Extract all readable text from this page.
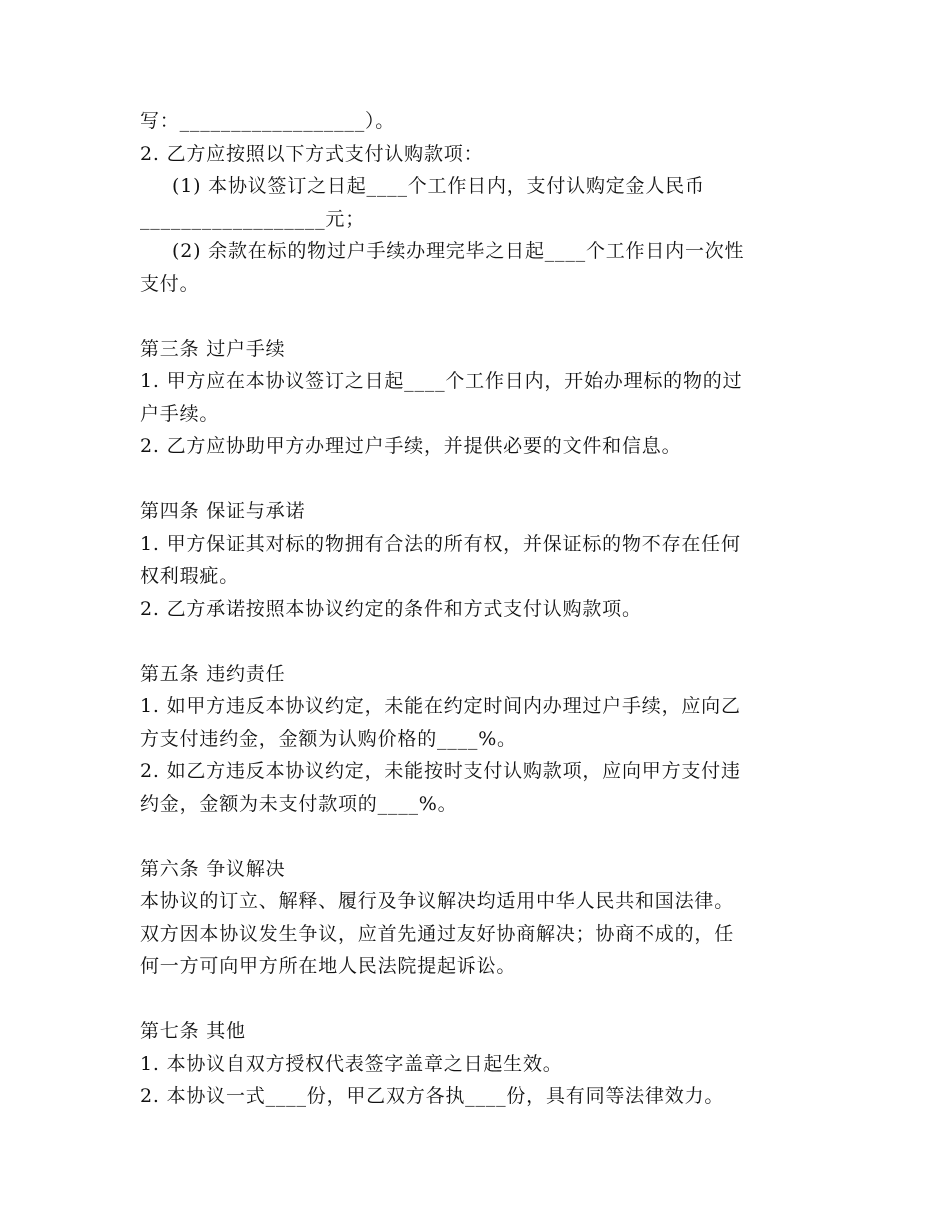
写：__________________）。
2. 乙方应按照以下方式支付认购款项：
(1) 本协议签订之日起____个工作日内，支付认购定金人民币
__________________元；
(2) 余款在标的物过户手续办理完毕之日起____个工作日内一次性
支付。
第三条 过户手续
1. 甲方应在本协议签订之日起____个工作日内，开始办理标的物的过
户手续。
2. 乙方应协助甲方办理过户手续，并提供必要的文件和信息。
第四条 保证与承诺
1. 甲方保证其对标的物拥有合法的所有权，并保证标的物不存在任何
权利瑕疵。
2. 乙方承诺按照本协议约定的条件和方式支付认购款项。
第五条 违约责任
1. 如甲方违反本协议约定，未能在约定时间内办理过户手续，应向乙
方支付违约金，金额为认购价格的____%。
2. 如乙方违反本协议约定，未能按时支付认购款项，应向甲方支付违
约金，金额为未支付款项的____%。
第六条 争议解决
本协议的订立、解释、履行及争议解决均适用中华人民共和国法律。
双方因本协议发生争议，应首先通过友好协商解决；协商不成的，任
何一方可向甲方所在地人民法院提起诉讼。
第七条 其他
1. 本协议自双方授权代表签字盖章之日起生效。
2. 本协议一式____份，甲乙双方各执____份，具有同等法律效力。
